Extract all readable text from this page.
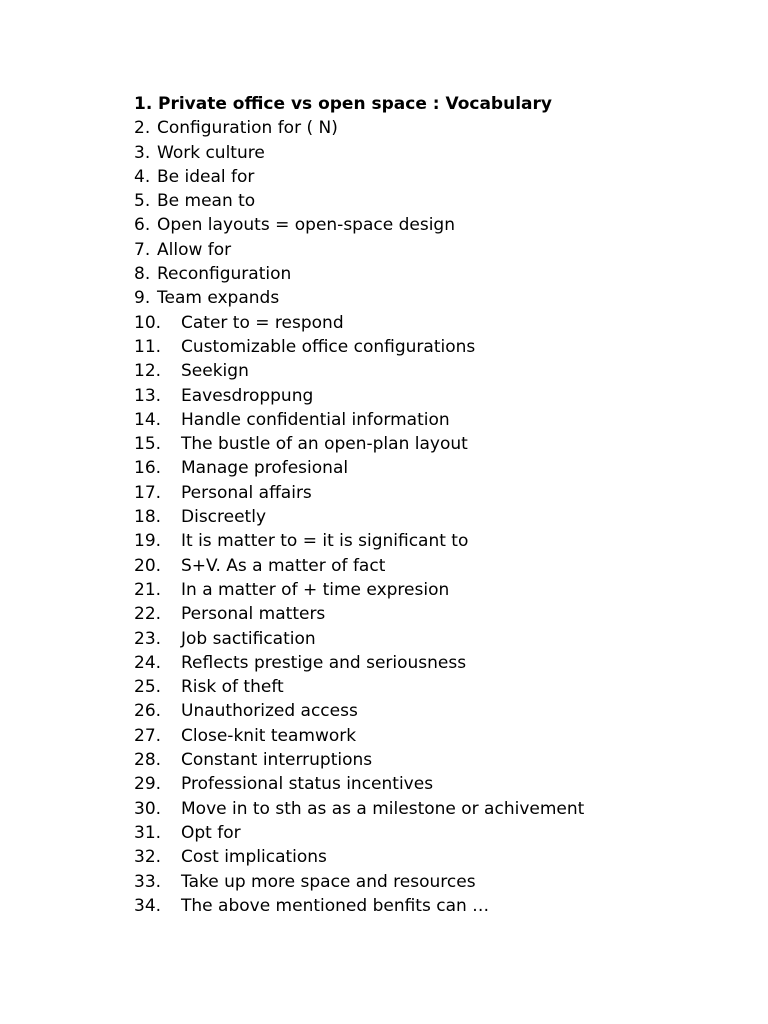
1. Private office vs open space : Vocabulary
2. Configuration for ( N)
3. Work culture
4. Be ideal for
5. Be mean to
6. Open layouts = open-space design
7. Allow for
8. Reconfiguration
9. Team expands
10.	Cater to = respond
11.	Customizable office configurations
12.	Seekign
13.	Eavesdroppung
14.	Handle confidential information
15.	The bustle of an open-plan layout
16.	Manage profesional
17.	Personal affairs
18.	Discreetly
19.	It is matter to = it is significant to
20.	S+V. As a matter of fact
21.	In a matter of + time expresion
22.	Personal matters
23.	Job sactification
24.	Reflects prestige and seriousness
25.	Risk of theft
26.	Unauthorized access
27.	Close-knit teamwork
28.	Constant interruptions
29.	Professional status incentives
30.	Move in to sth as as a milestone or achivement
31.	Opt for
32.	Cost implications
33.	Take up more space and resources
34.	The above mentioned benfits can …
